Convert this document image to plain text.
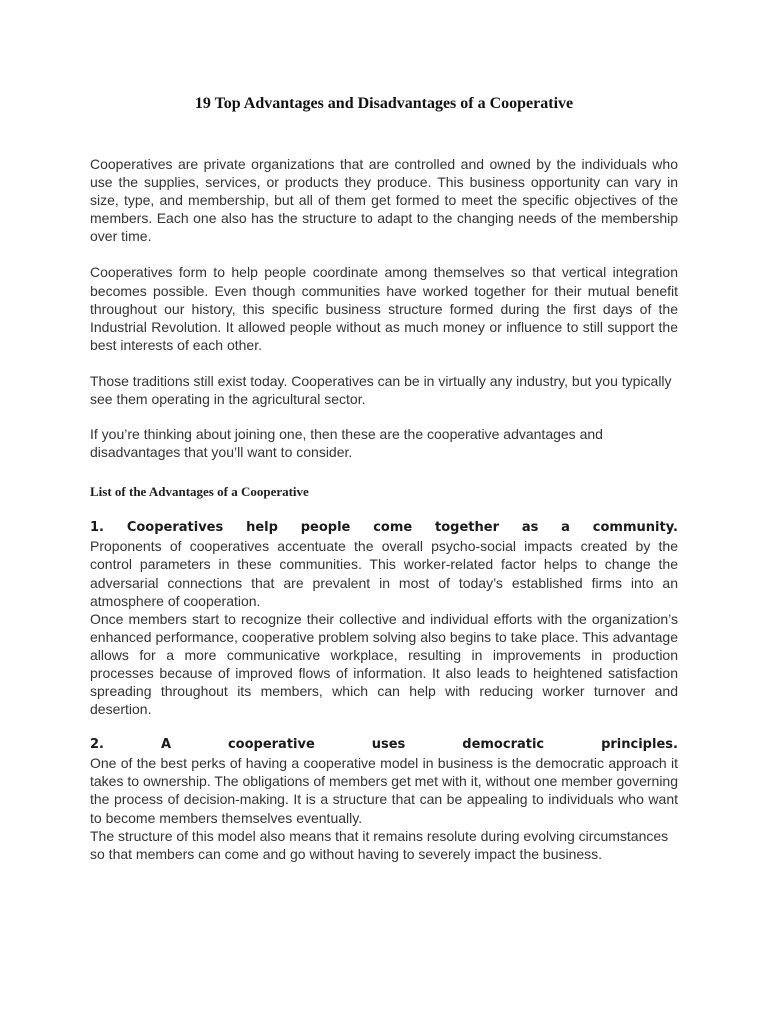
19 Top Advantages and Disadvantages of a Cooperative

Cooperatives are private organizations that are controlled and owned by the individuals who use the supplies, services, or products they produce. This business opportunity can vary in size, type, and membership, but all of them get formed to meet the specific objectives of the members. Each one also has the structure to adapt to the changing needs of the membership over time.

Cooperatives form to help people coordinate among themselves so that vertical integration becomes possible. Even though communities have worked together for their mutual benefit throughout our history, this specific business structure formed during the first days of the Industrial Revolution. It allowed people without as much money or influence to still support the best interests of each other.

Those traditions still exist today. Cooperatives can be in virtually any industry, but you typically see them operating in the agricultural sector.

If you’re thinking about joining one, then these are the cooperative advantages and disadvantages that you’ll want to consider.

List of the Advantages of a Cooperative

1. Cooperatives help people come together as a community.

Proponents of cooperatives accentuate the overall psycho-social impacts created by the control parameters in these communities. This worker-related factor helps to change the adversarial connections that are prevalent in most of today’s established firms into an atmosphere of cooperation.

Once members start to recognize their collective and individual efforts with the organization’s enhanced performance, cooperative problem solving also begins to take place. This advantage allows for a more communicative workplace, resulting in improvements in production processes because of improved flows of information. It also leads to heightened satisfaction spreading throughout its members, which can help with reducing worker turnover and desertion.

2.	A	cooperative	uses	democratic	principles.

One of the best perks of having a cooperative model in business is the democratic approach it takes to ownership. The obligations of members get met with it, without one member governing the process of decision-making. It is a structure that can be appealing to individuals who want to become members themselves eventually.

The structure of this model also means that it remains resolute during evolving circumstances so that members can come and go without having to severely impact the business.
